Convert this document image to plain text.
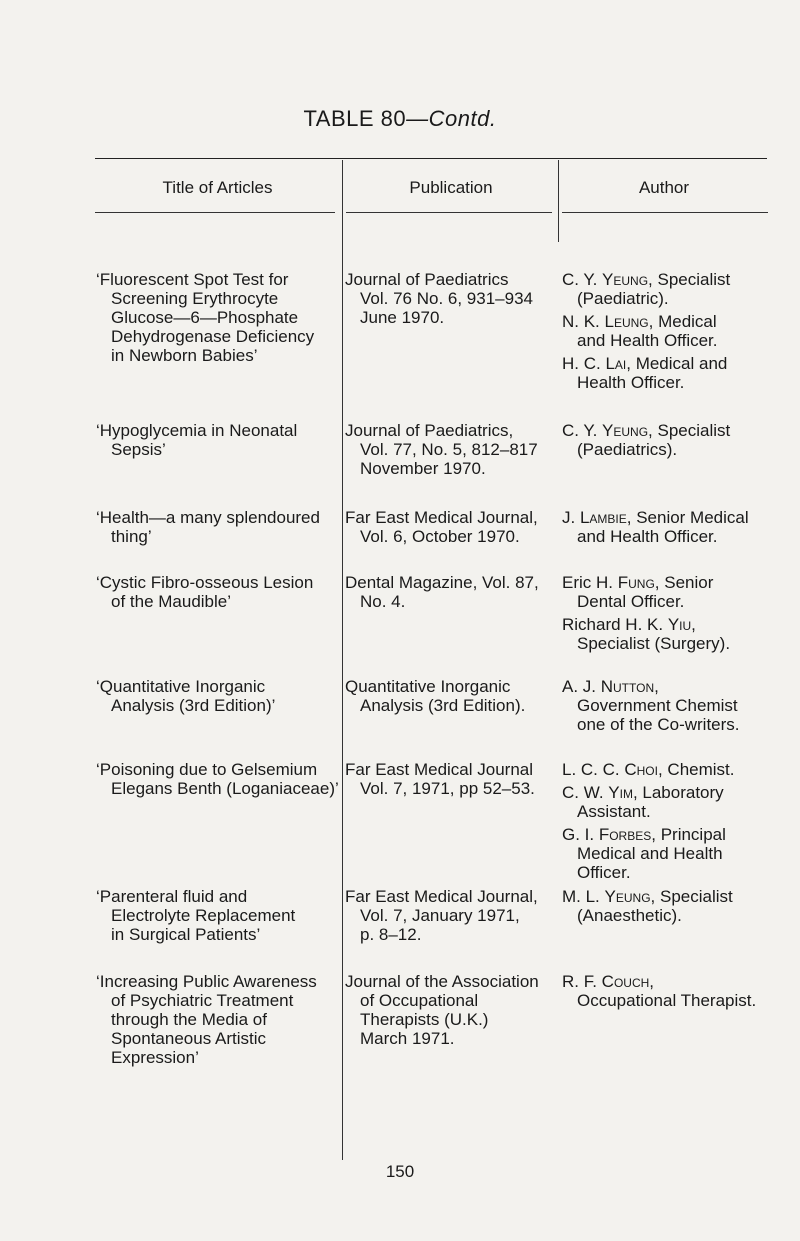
TABLE 80—Contd.
Title of Articles	Publication	Author
‘Fluorescent Spot Test for
Screening Erythrocyte
Glucose—6—Phosphate
Dehydrogenase Deficiency
in Newborn Babies’
Journal of Paediatrics
Vol. 76 No. 6, 931–934
June 1970.
C. Y. Yeung, Specialist
(Paediatric).
N. K. Leung, Medical
and Health Officer.
H. C. Lai, Medical and
Health Officer.
‘Hypoglycemia in Neonatal
Sepsis’
Journal of Paediatrics,
Vol. 77, No. 5, 812–817
November 1970.
C. Y. Yeung, Specialist
(Paediatrics).
‘Health—a many splendoured
thing’
Far East Medical Journal,
Vol. 6, October 1970.
J. Lambie, Senior Medical
and Health Officer.
‘Cystic Fibro-osseous Lesion
of the Maudible’
Dental Magazine, Vol. 87,
No. 4.
Eric H. Fung, Senior
Dental Officer.
Richard H. K. Yiu,
Specialist (Surgery).
‘Quantitative Inorganic
Analysis (3rd Edition)’
Quantitative Inorganic
Analysis (3rd Edition).
A. J. Nutton,
Government Chemist
one of the Co-writers.
‘Poisoning due to Gelsemium
Elegans Benth (Loganiaceae)’
Far East Medical Journal
Vol. 7, 1971, pp 52–53.
L. C. C. Choi, Chemist.
C. W. Yim, Laboratory
Assistant.
G. I. Forbes, Principal
Medical and Health
Officer.
‘Parenteral fluid and
Electrolyte Replacement
in Surgical Patients’
Far East Medical Journal,
Vol. 7, January 1971,
p. 8–12.
M. L. Yeung, Specialist
(Anaesthetic).
‘Increasing Public Awareness
of Psychiatric Treatment
through the Media of
Spontaneous Artistic
Expression’
Journal of the Association
of Occupational
Therapists (U.K.)
March 1971.
R. F. Couch,
Occupational Therapist.
150
